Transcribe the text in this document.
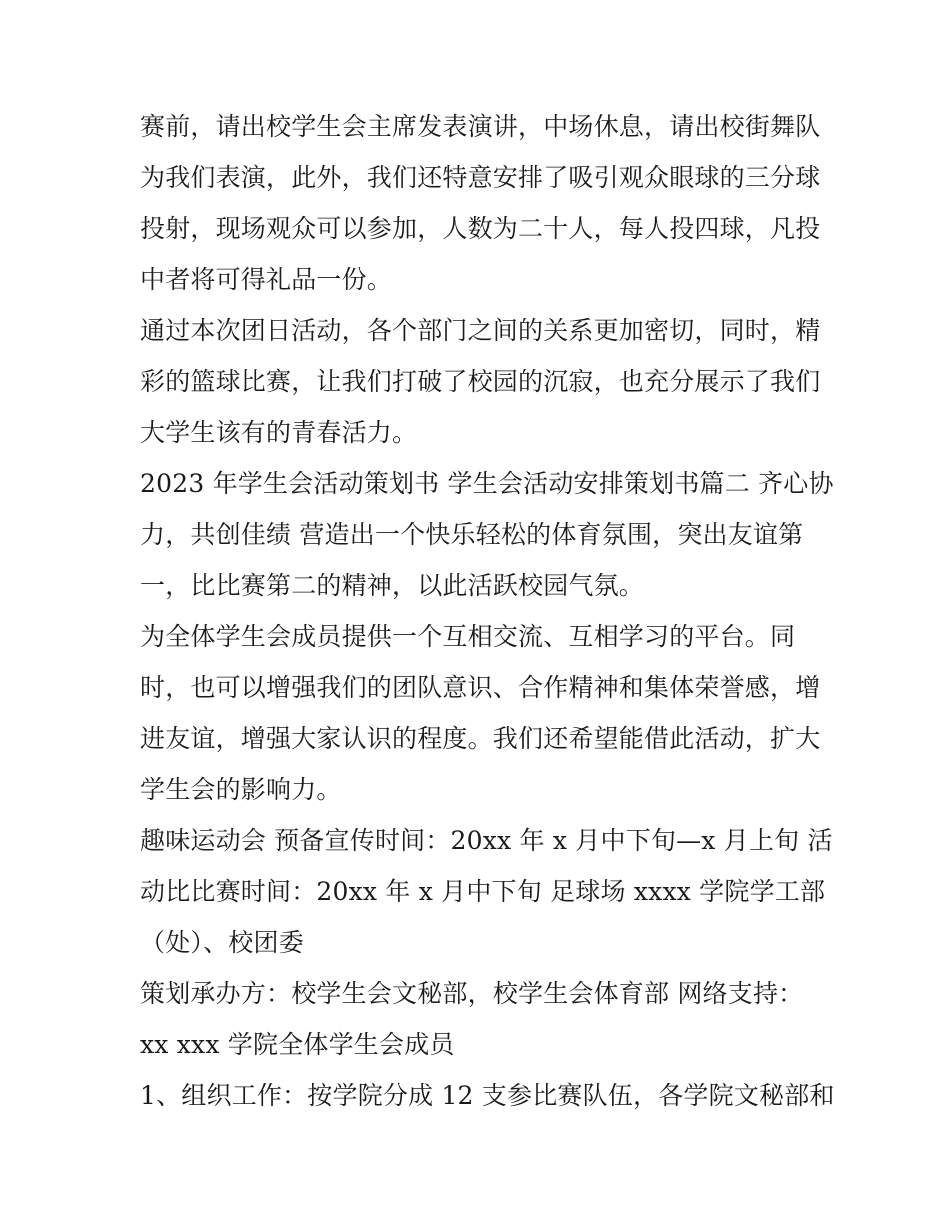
赛前，请出校学生会主席发表演讲，中场休息，请出校街舞队
为我们表演，此外，我们还特意安排了吸引观众眼球的三分球
投射，现场观众可以参加，人数为二十人，每人投四球，凡投
中者将可得礼品一份。
通过本次团日活动，各个部门之间的关系更加密切，同时，精
彩的篮球比赛，让我们打破了校园的沉寂，也充分展示了我们
大学生该有的青春活力。
2023 年学生会活动策划书 学生会活动安排策划书篇二 齐心协
力，共创佳绩 营造出一个快乐轻松的体育氛围，突出友谊第
一，比比赛第二的精神，以此活跃校园气氛。
为全体学生会成员提供一个互相交流、互相学习的平台。同
时，也可以增强我们的团队意识、合作精神和集体荣誉感，增
进友谊，增强大家认识的程度。我们还希望能借此活动，扩大
学生会的影响力。
趣味运动会 预备宣传时间：20xx 年 x 月中下旬—x 月上旬 活
动比比赛时间：20xx 年 x 月中下旬 足球场 xxxx 学院学工部
（处）、校团委
策划承办方：校学生会文秘部，校学生会体育部 网络支持：
xx xxx 学院全体学生会成员
1、组织工作：按学院分成 12 支参比赛队伍，各学院文秘部和
